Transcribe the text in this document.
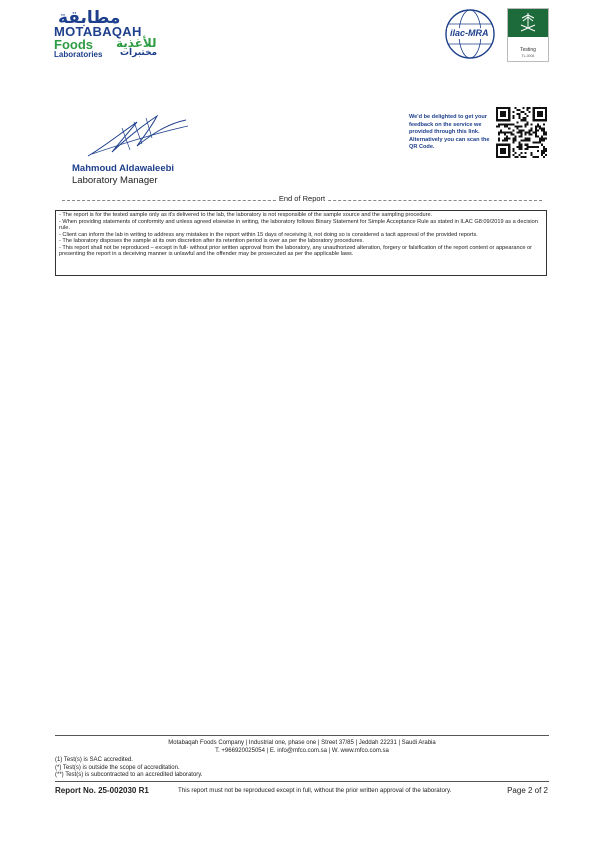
مطابقة
MOTABAQAH
Foods للأغذية
Laboratories مختبرات
ilac-MRA
Testing
TL-0004
Mahmoud Aldawaleebi
Laboratory Manager
We'd be delighted to get your feedback on the service we provided through this link. Alternatively you can scan the QR Code.
End of Report
- The report is for the tested sample only as it's delivered to the lab, the laboratory is not responsible of the sample source and the sampling procedure.
- When providing statements of conformity and unless agreed elsewise in writing, the laboratory follows Binary Statement for Simple Acceptance Rule as stated in ILAC G8:09/2019 as a decision rule.
- Client can inform the lab in writing to address any mistakes in the report within 15 days of receiving it, not doing so is considered a tacit approval of the provided reports.
- The laboratory disposes the sample at its own discretion after its retention period is over as per the laboratory procedures.
- This report shall not be reproduced – except in full- without prior written approval from the laboratory, any unauthorized alteration, forgery or falsification of the report content or appearance or presenting the report in a deceiving manner is unlawful and the offender may be prosecuted as per the applicable laws.
Motabaqah Foods Company | Industrial one, phase one | Street 37/85 | Jeddah 22231 | Saudi Arabia
T. +966920025054 | E. info@mfco.com.sa | W. www.mfco.com.sa
(1) Test(s) is SAC accredited.
(*) Test(s) is outside the scope of accreditation.
(**) Test(s) is subcontracted to an accredited laboratory.
Report No. 25-002030 R1	This report must not be reproduced except in full, without the prior written approval of the laboratory.	Page 2 of 2
